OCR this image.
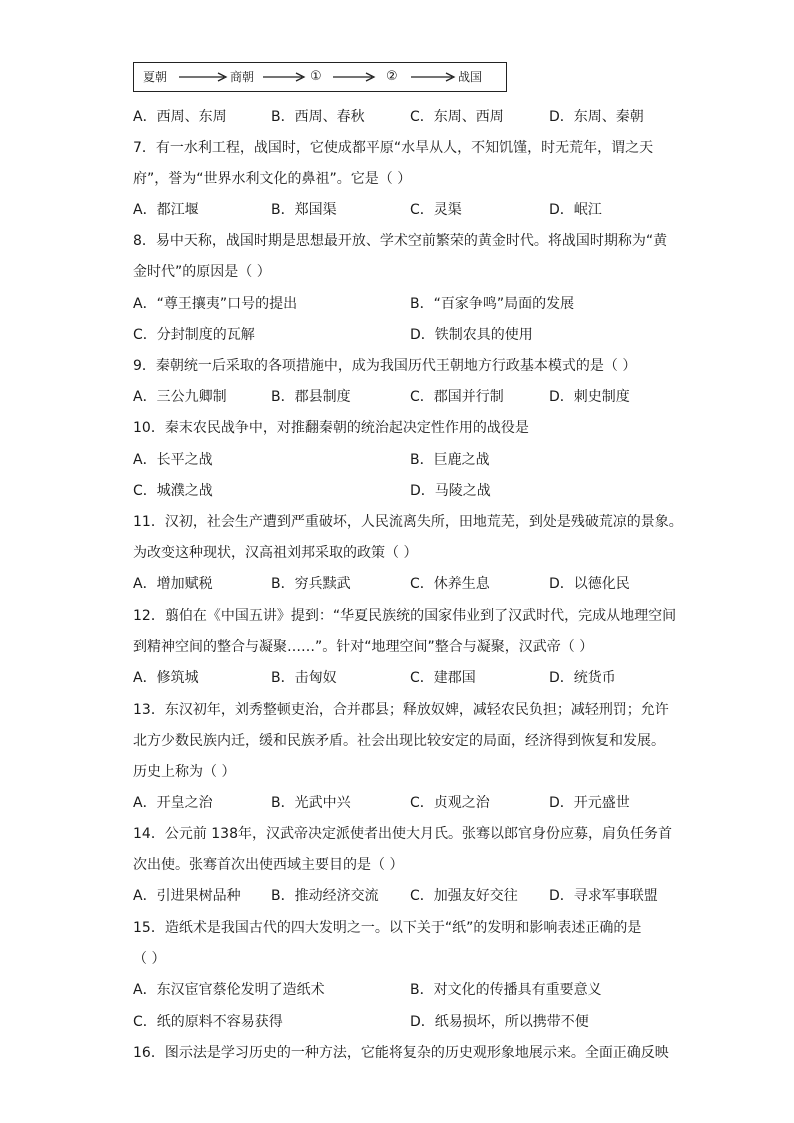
夏朝	商朝	①	②	战国
A．西周、东周	B．西周、春秋	C．东周、西周	D．东周、秦朝
7．有一水利工程，战国时，它使成都平原“水旱从人，不知饥馑，时无荒年，谓之天
府”，誉为“世界水利文化的鼻祖”。它是（ ）
A．都江堰	B．郑国渠	C．灵渠	D．岷江
8．易中天称，战国时期是思想最开放、学术空前繁荣的黄金时代。将战国时期称为“黄
金时代”的原因是（ ）
A．“尊王攘夷”口号的提出	B．“百家争鸣”局面的发展
C．分封制度的瓦解	D．铁制农具的使用
9．秦朝统一后采取的各项措施中，成为我国历代王朝地方行政基本模式的是（ ）
A．三公九卿制	B．郡县制度	C．郡国并行制	D．刺史制度
10．秦末农民战争中，对推翻秦朝的统治起决定性作用的战役是
A．长平之战	B．巨鹿之战
C．城濮之战	D．马陵之战
11．汉初，社会生产遭到严重破坏，人民流离失所，田地荒芜，到处是残破荒凉的景象。
为改变这种现状，汉高祖刘邦采取的政策（ ）
A．增加赋税	B．穷兵黩武	C．休养生息	D．以德化民
12．翦伯在《中国五讲》提到：“华夏民族统的国家伟业到了汉武时代，完成从地理空间
到精神空间的整合与凝聚……”。针对“地理空间”整合与凝聚，汉武帝（ ）
A．修筑城	B．击匈奴	C．建郡国	D．统货币
13．东汉初年，刘秀整顿吏治，合并郡县；释放奴婢，减轻农民负担；减轻刑罚；允许
北方少数民族内迁，缓和民族矛盾。社会出现比较安定的局面，经济得到恢复和发展。
历史上称为（ ）
A．开皇之治	B．光武中兴	C．贞观之治	D．开元盛世
14．公元前 138年，汉武帝决定派使者出使大月氏。张骞以郎官身份应募，肩负任务首
次出使。张骞首次出使西域主要目的是（ ）
A．引进果树品种 B．推动经济交流 C．加强友好交往 D．寻求军事联盟
15．造纸术是我国古代的四大发明之一。以下关于“纸”的发明和影响表述正确的是
（ ）
A．东汉宦官蔡伦发明了造纸术	B．对文化的传播具有重要意义
C．纸的原料不容易获得	D．纸易损坏，所以携带不便
16．图示法是学习历史的一种方法，它能将复杂的历史观形象地展示来。全面正确反映
